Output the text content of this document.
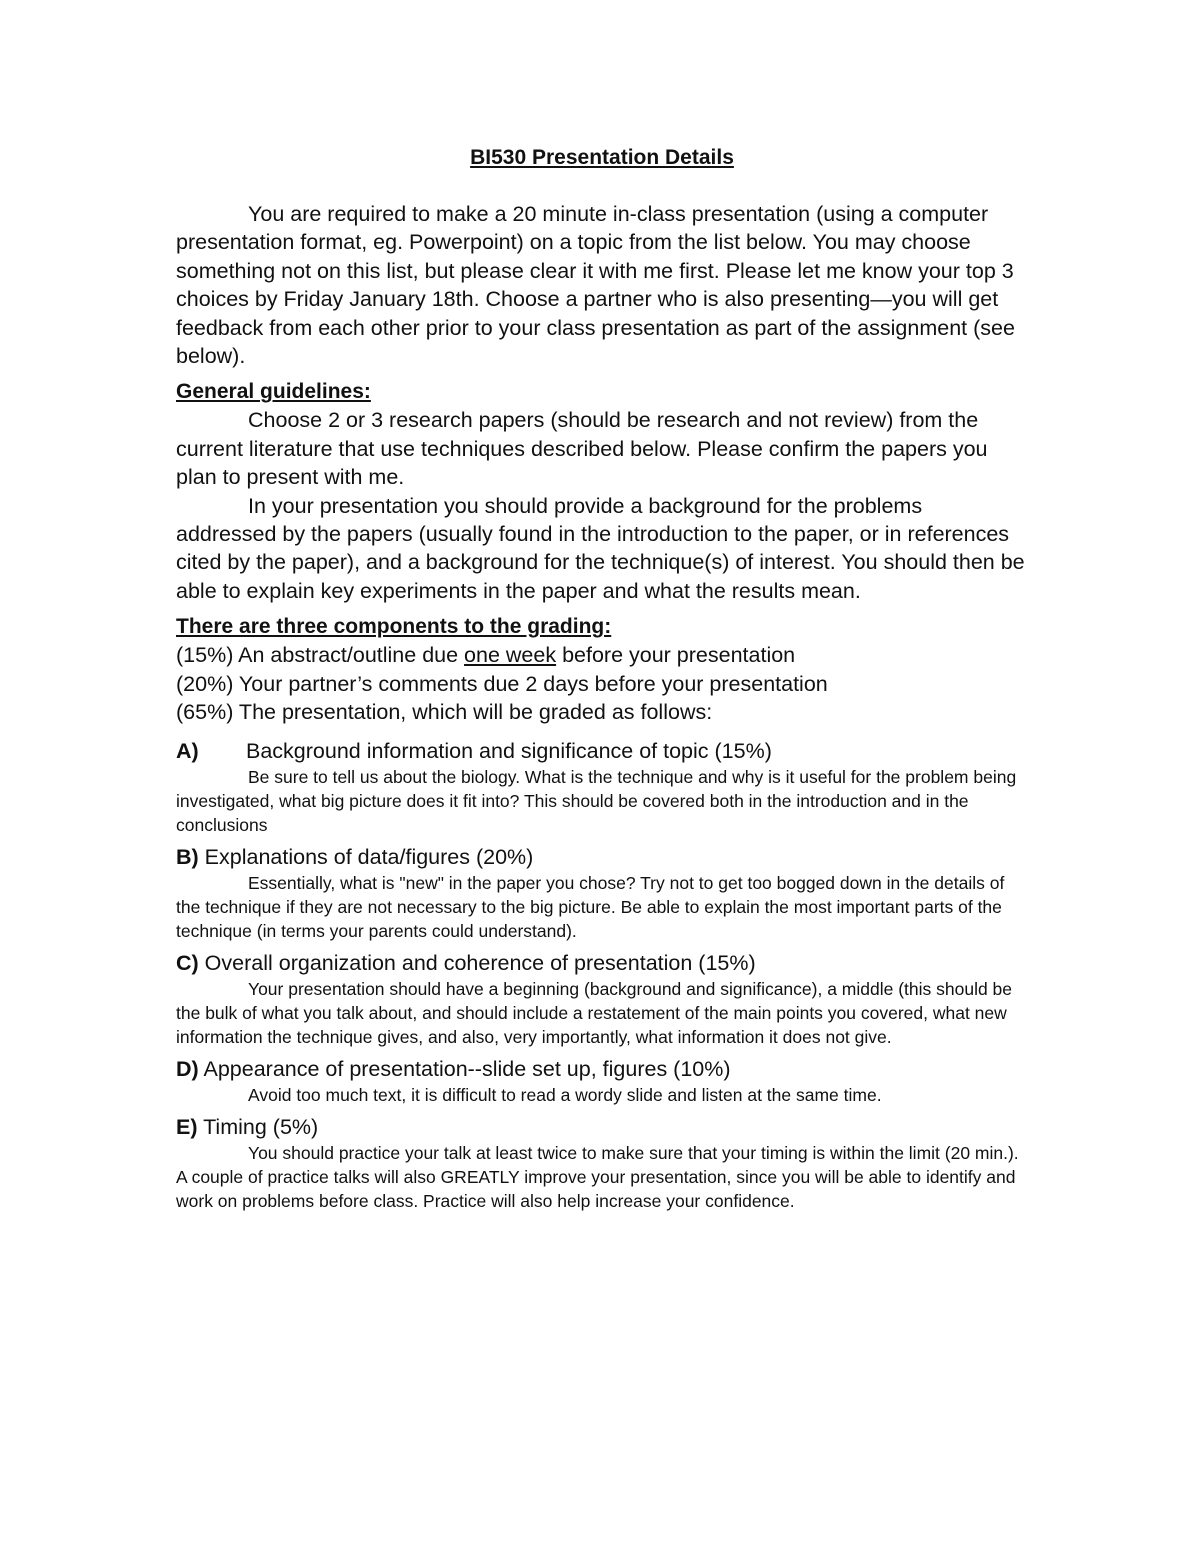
BI530 Presentation Details

You are required to make a 20 minute in-class presentation (using a computer presentation format, eg. Powerpoint) on a topic from the list below. You may choose something not on this list, but please clear it with me first. Please let me know your top 3 choices by Friday January 18th. Choose a partner who is also presenting—you will get feedback from each other prior to your class presentation as part of the assignment (see below).

General guidelines:

Choose 2 or 3 research papers (should be research and not review) from the current literature that use techniques described below. Please confirm the papers you plan to present with me.

In your presentation you should provide a background for the problems addressed by the papers (usually found in the introduction to the paper, or in references cited by the paper), and a background for the technique(s) of interest. You should then be able to explain key experiments in the paper and what the results mean.

There are three components to the grading:

(15%) An abstract/outline due one week before your presentation

(20%) Your partner’s comments due 2 days before your presentation

(65%) The presentation, which will be graded as follows:

A) Background information and significance of topic (15%)

Be sure to tell us about the biology. What is the technique and why is it useful for the problem being investigated, what big picture does it fit into? This should be covered both in the introduction and in the conclusions

B) Explanations of data/figures (20%)

Essentially, what is "new" in the paper you chose? Try not to get too bogged down in the details of the technique if they are not necessary to the big picture. Be able to explain the most important parts of the technique (in terms your parents could understand).

C) Overall organization and coherence of presentation (15%)

Your presentation should have a beginning (background and significance), a middle (this should be the bulk of what you talk about, and should include a restatement of the main points you covered, what new information the technique gives, and also, very importantly, what information it does not give.

D) Appearance of presentation--slide set up, figures (10%)

Avoid too much text, it is difficult to read a wordy slide and listen at the same time.

E) Timing (5%)

You should practice your talk at least twice to make sure that your timing is within the limit (20 min.). A couple of practice talks will also GREATLY improve your presentation, since you will be able to identify and work on problems before class. Practice will also help increase your confidence.
